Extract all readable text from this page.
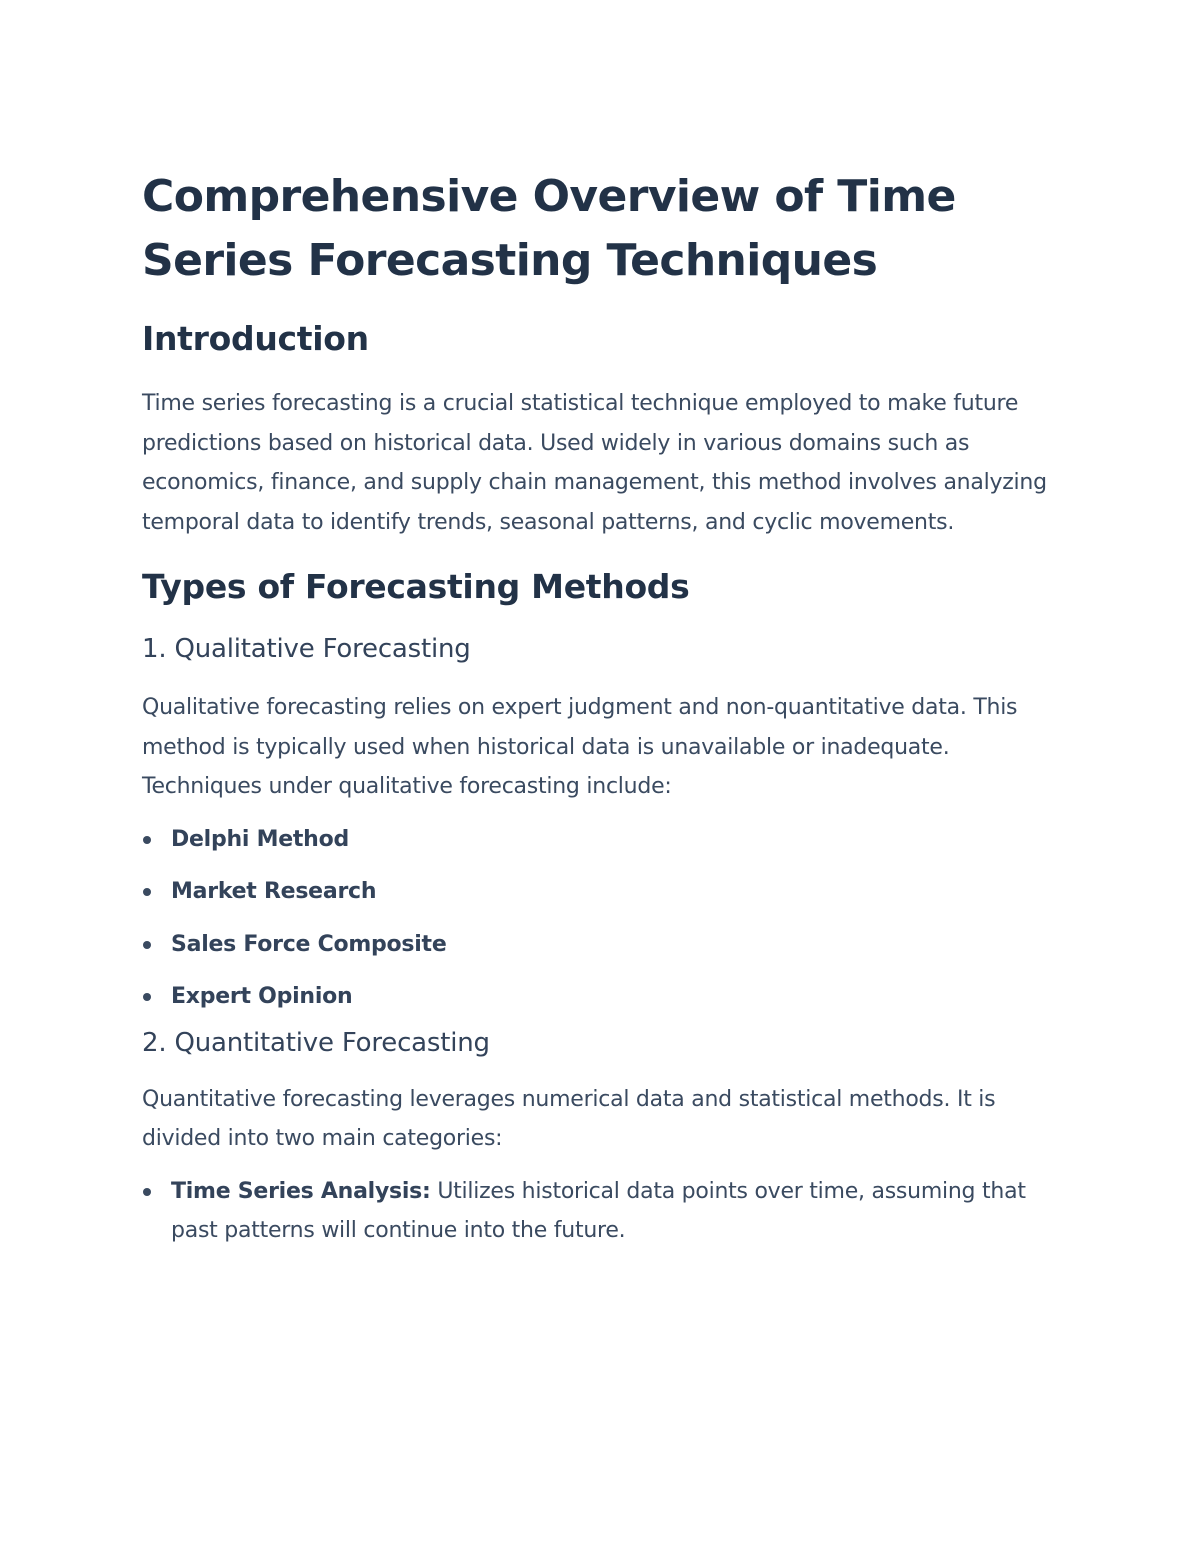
Comprehensive Overview of Time Series Forecasting Techniques
Introduction

Time series forecasting is a crucial statistical technique employed to make future predictions based on historical data. Used widely in various domains such as economics, finance, and supply chain management, this method involves analyzing temporal data to identify trends, seasonal patterns, and cyclic movements.

Types of Forecasting Methods
1. Qualitative Forecasting

Qualitative forecasting relies on expert judgment and non-quantitative data. This method is typically used when historical data is unavailable or inadequate. Techniques under qualitative forecasting include:

Delphi Method
Market Research
Sales Force Composite
Expert Opinion
2. Quantitative Forecasting

Quantitative forecasting leverages numerical data and statistical methods. It is divided into two main categories:

Time Series Analysis: Utilizes historical data points over time, assuming that past patterns will continue into the future.
